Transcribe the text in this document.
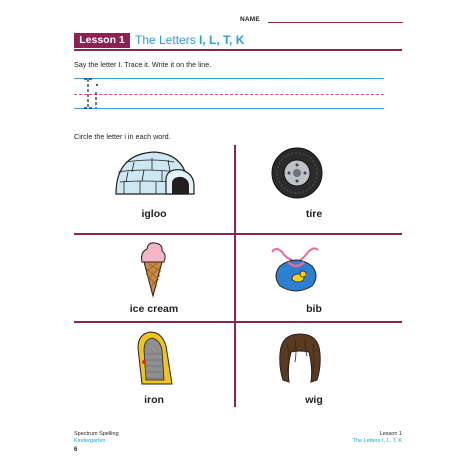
NAME
Lesson 1 The Letters I, L, T, K
Say the letter I. Trace it. Write it on the line.
Circle the letter i in each word.
igloo	tire
ice cream	bib
iron	wig
Spectrum Spelling
Kindergarten
6
Lesson 1
The Letters I, L, T, K
